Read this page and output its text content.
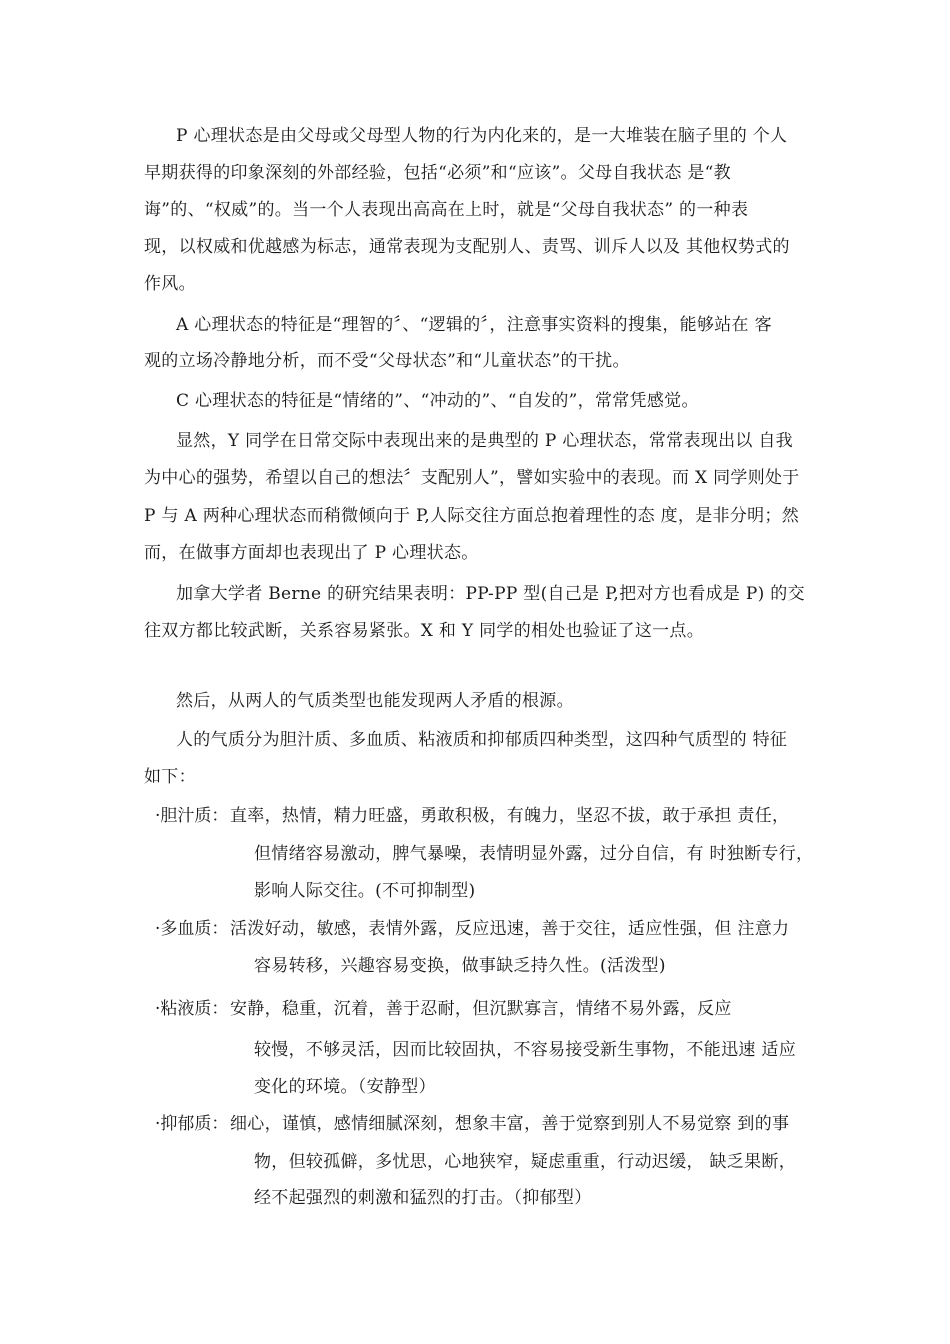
P 心理状态是由父母或父母型人物的行为内化来的，是一大堆装在脑子里的 个人
早期获得的印象深刻的外部经验，包括“必须”和“应该”。父母自我状态 是“教
诲”的、“权威”的。当一个人表现出高高在上时，就是“父母自我状态” 的一种表
现，以权威和优越感为标志，通常表现为支配别人、责骂、训斥人以及 其他权势式的
作风。
A 心理状态的特征是“理智的〞、“逻辑的〞，注意事实资料的搜集，能够站在 客
观的立场冷静地分析，而不受“父母状态”和“儿童状态”的干扰。
C 心理状态的特征是“情绪的”、“冲动的”、“自发的”，常常凭感觉。
显然，Y 同学在日常交际中表现出来的是典型的 P 心理状态，常常表现出以 自我
为中心的强势，希望以自己的想法〞支配别人”，譬如实验中的表现。而 X 同学则处于
P 与 A 两种心理状态而稍微倾向于 P,人际交往方面总抱着理性的态 度，是非分明；然
而，在做事方面却也表现出了 P 心理状态。
加拿大学者 Berne 的研究结果表明：PP-PP 型(自己是 P,把对方也看成是 P) 的交
往双方都比较武断，关系容易紧张。X 和 Y 同学的相处也验证了这一点。
然后，从两人的气质类型也能发现两人矛盾的根源。
人的气质分为胆汁质、多血质、粘液质和抑郁质四种类型，这四种气质型的 特征
如下：
·胆汁质： 直率，热情，精力旺盛，勇敢积极，有魄力，坚忍不拔，敢于承担 责任，
但情绪容易激动，脾气暴噪，表情明显外露，过分自信，有 时独断专行，
影响人际交往。(不可抑制型)
·多血质： 活泼好动，敏感，表情外露，反应迅速，善于交往，适应性强，但 注意力
容易转移，兴趣容易变换，做事缺乏持久性。(活泼型)
·粘液质： 安静，稳重，沉着，善于忍耐，但沉默寡言，情绪不易外露，反应
较慢，不够灵活，因而比较固执，不容易接受新生事物，不能迅速 适应
变化的环境。（安静型）
·抑郁质： 细心，谨慎，感情细腻深刻，想象丰富，善于觉察到别人不易觉察 到的事
物，但较孤僻，多忧思，心地狭窄，疑虑重重，行动迟缓， 缺乏果断，
经不起强烈的刺激和猛烈的打击。（抑郁型）
